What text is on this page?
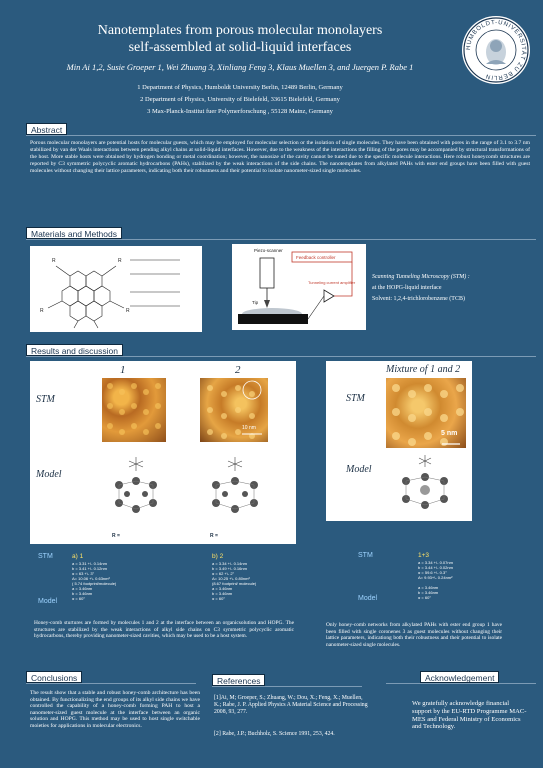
Nanotemplates from porous molecular monolayers
self-assembled at solid-liquid interfaces
Min Ai 1,2, Susie Groeper 1, Wei Zhuang 3, Xinliang Feng 3, Klaus Muellen 3, and Juergen P. Rabe 1
1 Department of Physics, Humboldt University Berlin, 12489 Berlin, Germany
2 Department of Physics, University of Bielefeld, 33615 Bielefeld, Germany
3 Max-Planck-Institut fuer Polymerforschung , 55128 Mainz, Germany
HUMBOLDT-UNIVERSITÄT ZU BERLIN
Abstract
Porous molecular monolayers are potential hosts for molecular guests, which may be employed for molecular selection or the isolation of single molecules. They have been obtained with pores in the range of 3.1 to 3.7 nm stabilized by van der Waals interactions between pending alkyl chains at solid-liquid interfaces. However, due to the weakness of the interactions the filling of the pores may be accompanied by structural transformations of the host. More stable hosts were obtained by hydrogen bonding or metal coordination; however, the nanosize of the cavity cannot be tuned due to the specific molecule interactions. Here robust honeycomb structures are reported by C3 symmetric polycyclic aromatic hydrocarbons (PAHs), stabilized by the weak interactions of the side chains. The nanotemplates from alkylated PAHs with ester end groups have been filled with guest molecules without changing their lattice parameters, indicating both their robustness and their potential to isolate nanometer-sized single molecules.
Materials and Methods
R	R
R	R
Feedback controller
Piezo-scanner
Tip
Tunneling current amplifier
Scanning Tunneling Microscopy (STM) :
at the HOPG-liquid interface
Solvent: 1,2,4-trichlorobenzene (TCB)
Results and discussion
1	2
STM
Model
10 nm
R =	R =
Mixture of 1 and 2
STM
Model
5 nm
STM
Model
a) 1
a = 3.31 +\- 0.14nm
b = 3.41 +\- 0.12nm
α = 63 +\- 3°
A= 10.06 +\- 0.63nm²
( 5.74 footprint/molecule)
a = 3.46nm
b = 3.46nm
α = 60°
b) 2
a = 3.34 +\- 0.14nm
b = 3.49 +\- 0.16nm
α = 62 +\- 2°
A= 10.25 +\- 0.80nm²
(8.67 footprint/ molecule)
a = 3.46nm
b = 3.46nm
α = 60°
STM
Model
1+3
a = 3.34 +\- 0.07nm
b = 3.44 +\- 0.02nm
α = 59.6 +\- 0.3°
A= 9.93+\- 0.24nm²
a = 3.46nm
b = 3.46nm
α = 60°
Honey-comb sturtures are formed by molecules 1 and 2 at the interface between an organicsolution and HOPG. The structures are stabilized by the weak interactions of alkyl side chains on C3 symmetric polycyclic aromatic hydrocarbons, thereby providing nanometer-sized cavities, which may be used to be a host system.
Only honey-comb networks from alkylated PAHs with ester end group 1 have been filled with single coronenes 3 as guest molecules without changing their lattice parameters, indicationg both their robustness and their potential to isolate nanometer-sized single molecules.
Conclusions
The result show that a stable and robust honey-comb architecture has been obtained. By functionalizing the end groups of its alkyl side chains we have controlled the capability of a honey-comb forming PAH to host a nanometer-sized guest molecule at the interface between an organic solution and HOPG. This method may be used to host single switchable moieties for applications in molecular electronics.
References
[1]Ai, M; Groeper, S.; Zhuang, W.; Dou, X.; Feng, X.; Muellen, K.; Rabe, J. P. Applied Physics A Material Science and Processing 2008, 93, 277.
[2] Rabe, J.P.; Buchholz, S. Science 1991, 253, 424.
Acknowledgement
We gratefully acknowledge financial support by the EU-RTD Programme MAC-MES and Federal Ministry of Economics and Technology.
